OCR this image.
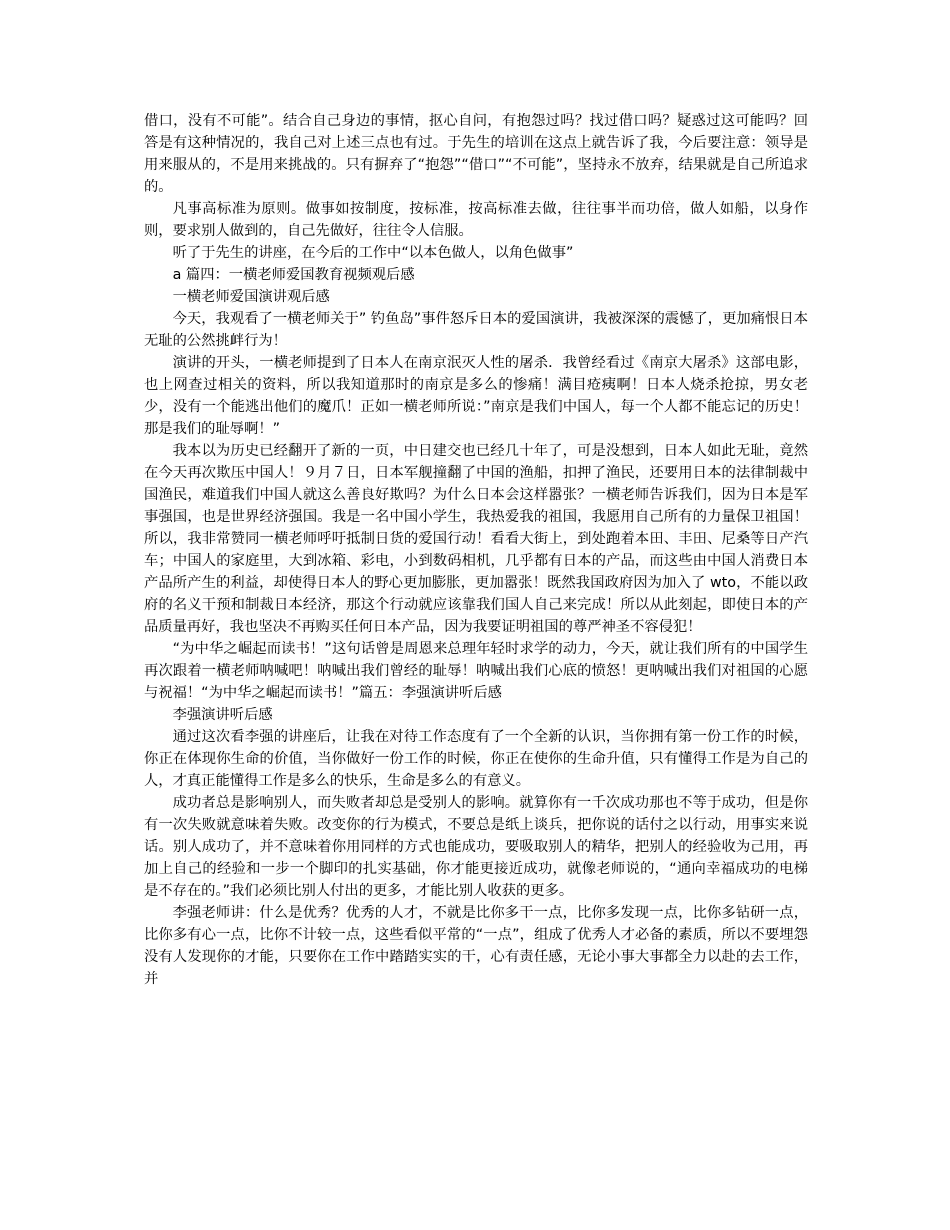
借口，没有不可能”。结合自己身边的事情，抠心自问，有抱怨过吗？找过借口吗？疑惑过这可能吗？回答是有这种情况的，我自己对上述三点也有过。于先生的培训在这点上就告诉了我，今后要注意：领导是用来服从的，不是用来挑战的。只有摒弃了“抱怨”“借口”“不可能”，坚持永不放弃，结果就是自己所追求的。

凡事高标准为原则。做事如按制度，按标准，按高标准去做，往往事半而功倍，做人如船，以身作则，要求别人做到的，自己先做好，往往令人信服。

听了于先生的讲座，在今后的工作中“以本色做人，以角色做事”

a 篇四：一横老师爱国教育视频观后感

一横老师爱国演讲观后感

今天，我观看了一横老师关于” 钓鱼岛”事件怒斥日本的爱国演讲，我被深深的震憾了，更加痛恨日本无耻的公然挑衅行为！

演讲的开头，一横老师提到了日本人在南京泯灭人性的屠杀．我曾经看过《南京大屠杀》这部电影，也上网查过相关的资料，所以我知道那时的南京是多么的惨痛！满目疮痍啊！日本人烧杀抢掠，男女老少，没有一个能逃出他们的魔爪！正如一横老师所说：”南京是我们中国人，每一个人都不能忘记的历史！那是我们的耻辱啊！”

我本以为历史已经翻开了新的一页，中日建交也已经几十年了，可是没想到，日本人如此无耻，竟然在今天再次欺压中国人！９月７日，日本军舰撞翻了中国的渔船，扣押了渔民，还要用日本的法律制裁中国渔民，难道我们中国人就这么善良好欺吗？为什么日本会这样嚣张？一横老师告诉我们，因为日本是军事强国，也是世界经济强国。我是一名中国小学生，我热爱我的祖国，我愿用自己所有的力量保卫祖国！所以，我非常赞同一横老师呼吁抵制日货的爱国行动！看看大街上，到处跑着本田、丰田、尼桑等日产汽车；中国人的家庭里，大到冰箱、彩电，小到数码相机，几乎都有日本的产品，而这些由中国人消费日本产品所产生的利益，却使得日本人的野心更加膨胀，更加嚣张！既然我国政府因为加入了 wto，不能以政府的名义干预和制裁日本经济，那这个行动就应该靠我们国人自己来完成！所以从此刻起，即使日本的产品质量再好，我也坚决不再购买任何日本产品，因为我要证明祖国的尊严神圣不容侵犯！

“为中华之崛起而读书！”这句话曾是周恩来总理年轻时求学的动力，今天，就让我们所有的中国学生再次跟着一横老师呐喊吧！呐喊出我们曾经的耻辱！呐喊出我们心底的愤怒！更呐喊出我们对祖国的心愿与祝福！“为中华之崛起而读书！”篇五：李强演讲听后感

李强演讲听后感

通过这次看李强的讲座后，让我在对待工作态度有了一个全新的认识，当你拥有第一份工作的时候，你正在体现你生命的价值，当你做好一份工作的时候，你正在使你的生命升值，只有懂得工作是为自己的人，才真正能懂得工作是多么的快乐，生命是多么的有意义。

成功者总是影响别人，而失败者却总是受别人的影响。就算你有一千次成功那也不等于成功，但是你有一次失败就意味着失败。改变你的行为模式，不要总是纸上谈兵，把你说的话付之以行动，用事实来说话。别人成功了，并不意味着你用同样的方式也能成功，要吸取别人的精华，把别人的经验收为己用，再加上自己的经验和一步一个脚印的扎实基础，你才能更接近成功，就像老师说的，“通向幸福成功的电梯是不存在的。”我们必须比别人付出的更多，才能比别人收获的更多。

李强老师讲：什么是优秀？优秀的人才，不就是比你多干一点，比你多发现一点，比你多钻研一点，比你多有心一点，比你不计较一点，这些看似平常的“一点”，组成了优秀人才必备的素质，所以不要埋怨没有人发现你的才能，只要你在工作中踏踏实实的干，心有责任感，无论小事大事都全力以赴的去工作，并
